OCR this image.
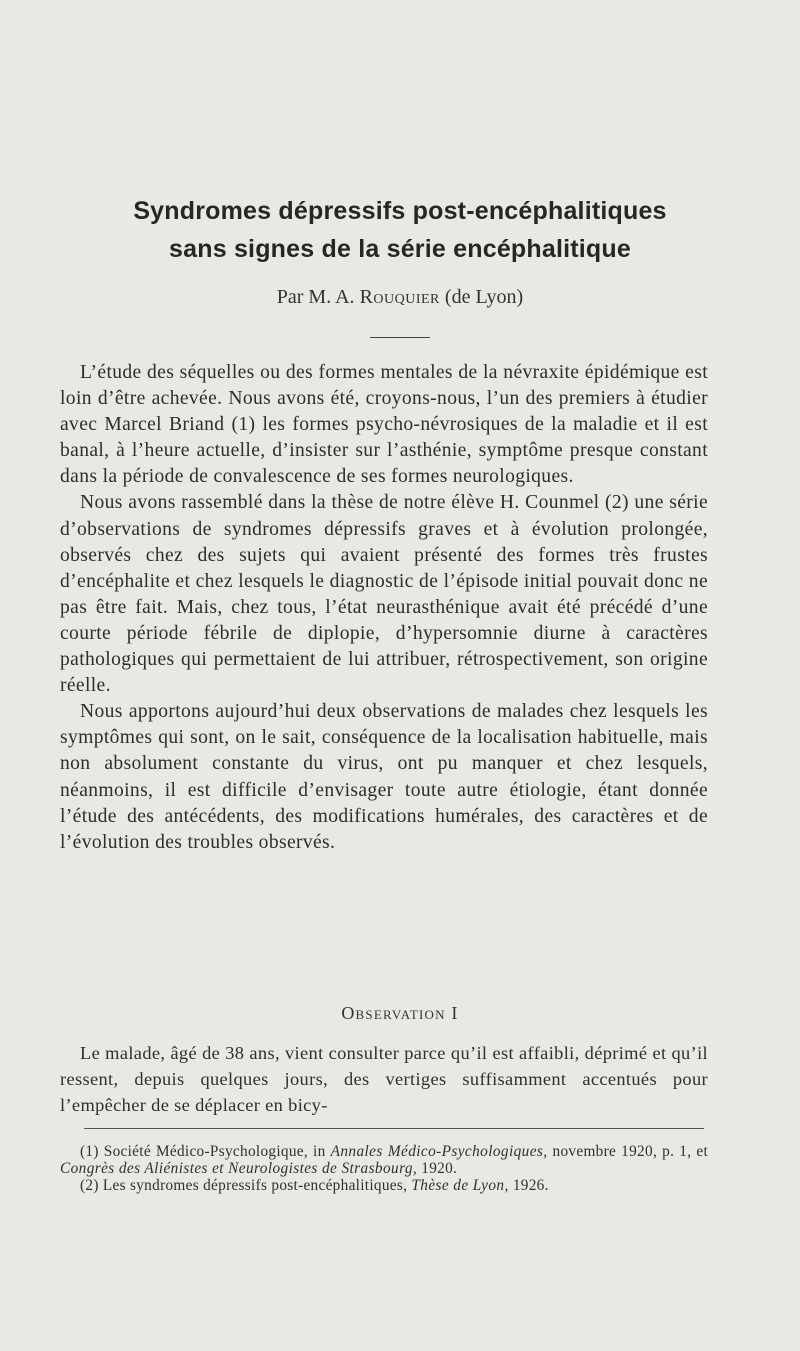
Syndromes dépressifs post-encéphalitiques
sans signes de la série encéphalitique
Par M. A. Rouquier (de Lyon)

L’étude des séquelles ou des formes mentales de la névraxite épidémique est loin d’être achevée. Nous avons été, croyons-nous, l’un des premiers à étudier avec Marcel Briand (1) les formes psycho-névrosiques de la maladie et il est banal, à l’heure actuelle, d’insister sur l’asthénie, symptôme presque constant dans la période de convalescence de ses formes neurologiques.

Nous avons rassemblé dans la thèse de notre élève H. Counmel (2) une série d’observations de syndromes dépressifs graves et à évolution prolongée, observés chez des sujets qui avaient présenté des formes très frustes d’encéphalite et chez lesquels le diagnostic de l’épisode initial pouvait donc ne pas être fait. Mais, chez tous, l’état neurasthénique avait été précédé d’une courte période fébrile de diplopie, d’hypersomnie diurne à caractères pathologiques qui permettaient de lui attribuer, rétrospectivement, son origine réelle.

Nous apportons aujourd’hui deux observations de malades chez lesquels les symptômes qui sont, on le sait, conséquence de la localisation habituelle, mais non absolument constante du virus, ont pu manquer et chez lesquels, néanmoins, il est difficile d’envisager toute autre étiologie, étant donnée l’étude des antécédents, des modifications humérales, des caractères et de l’évolution des troubles observés.

Observation I

Le malade, âgé de 38 ans, vient consulter parce qu’il est affaibli, déprimé et qu’il ressent, depuis quelques jours, des vertiges suffisamment accentués pour l’empêcher de se déplacer en bicy-

(1) Société Médico-Psychologique, in Annales Médico-Psychologiques, novembre 1920, p. 1, et Congrès des Aliénistes et Neurologistes de Strasbourg, 1920.

(2) Les syndromes dépressifs post-encéphalitiques, Thèse de Lyon, 1926.
